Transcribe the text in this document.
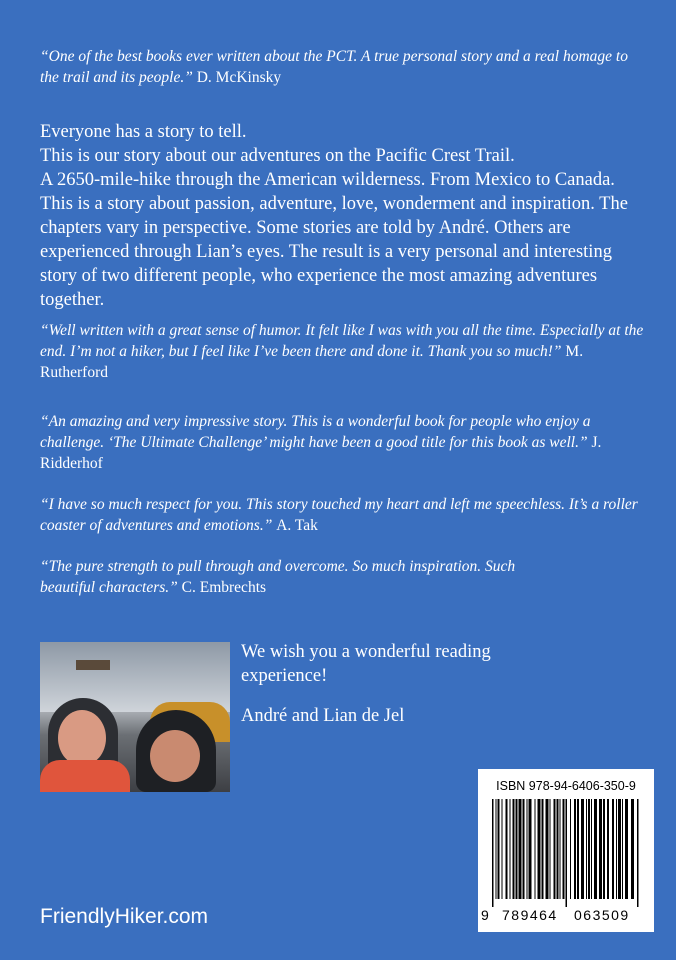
“One of the best books ever written about the PCT. A true personal story and a real homage to the trail and its people.” D. McKinsky

Everyone has a story to tell.

This is our story about our adventures on the Pacific Crest Trail.

A 2650-mile-hike through the American wilderness. From Mexico to Canada. This is a story about passion, adventure, love, wonderment and inspiration. The chapters vary in perspective. Some stories are told by André. Others are experienced through Lian’s eyes. The result is a very personal and interesting story of two different people, who experience the most amazing adventures together.

“Well written with a great sense of humor. It felt like I was with you all the time. Especially at the end. I’m not a hiker, but I feel like I’ve been there and done it. Thank you so much!” M. Rutherford

“An amazing and very impressive story. This is a wonderful book for people who enjoy a challenge. ‘The Ultimate Challenge’ might have been a good title for this book as well.” J. Ridderhof

“I have so much respect for you. This story touched my heart and left me speechless. It’s a roller coaster of adventures and emotions.” A. Tak

“The pure strength to pull through and overcome. So much inspiration. Such beautiful characters.” C. Embrechts

We wish you a wonderful reading experience!

André and Lian de Jel

FriendlyHiker.com
ISBN 978-94-6406-350-9
9 789464 063509
